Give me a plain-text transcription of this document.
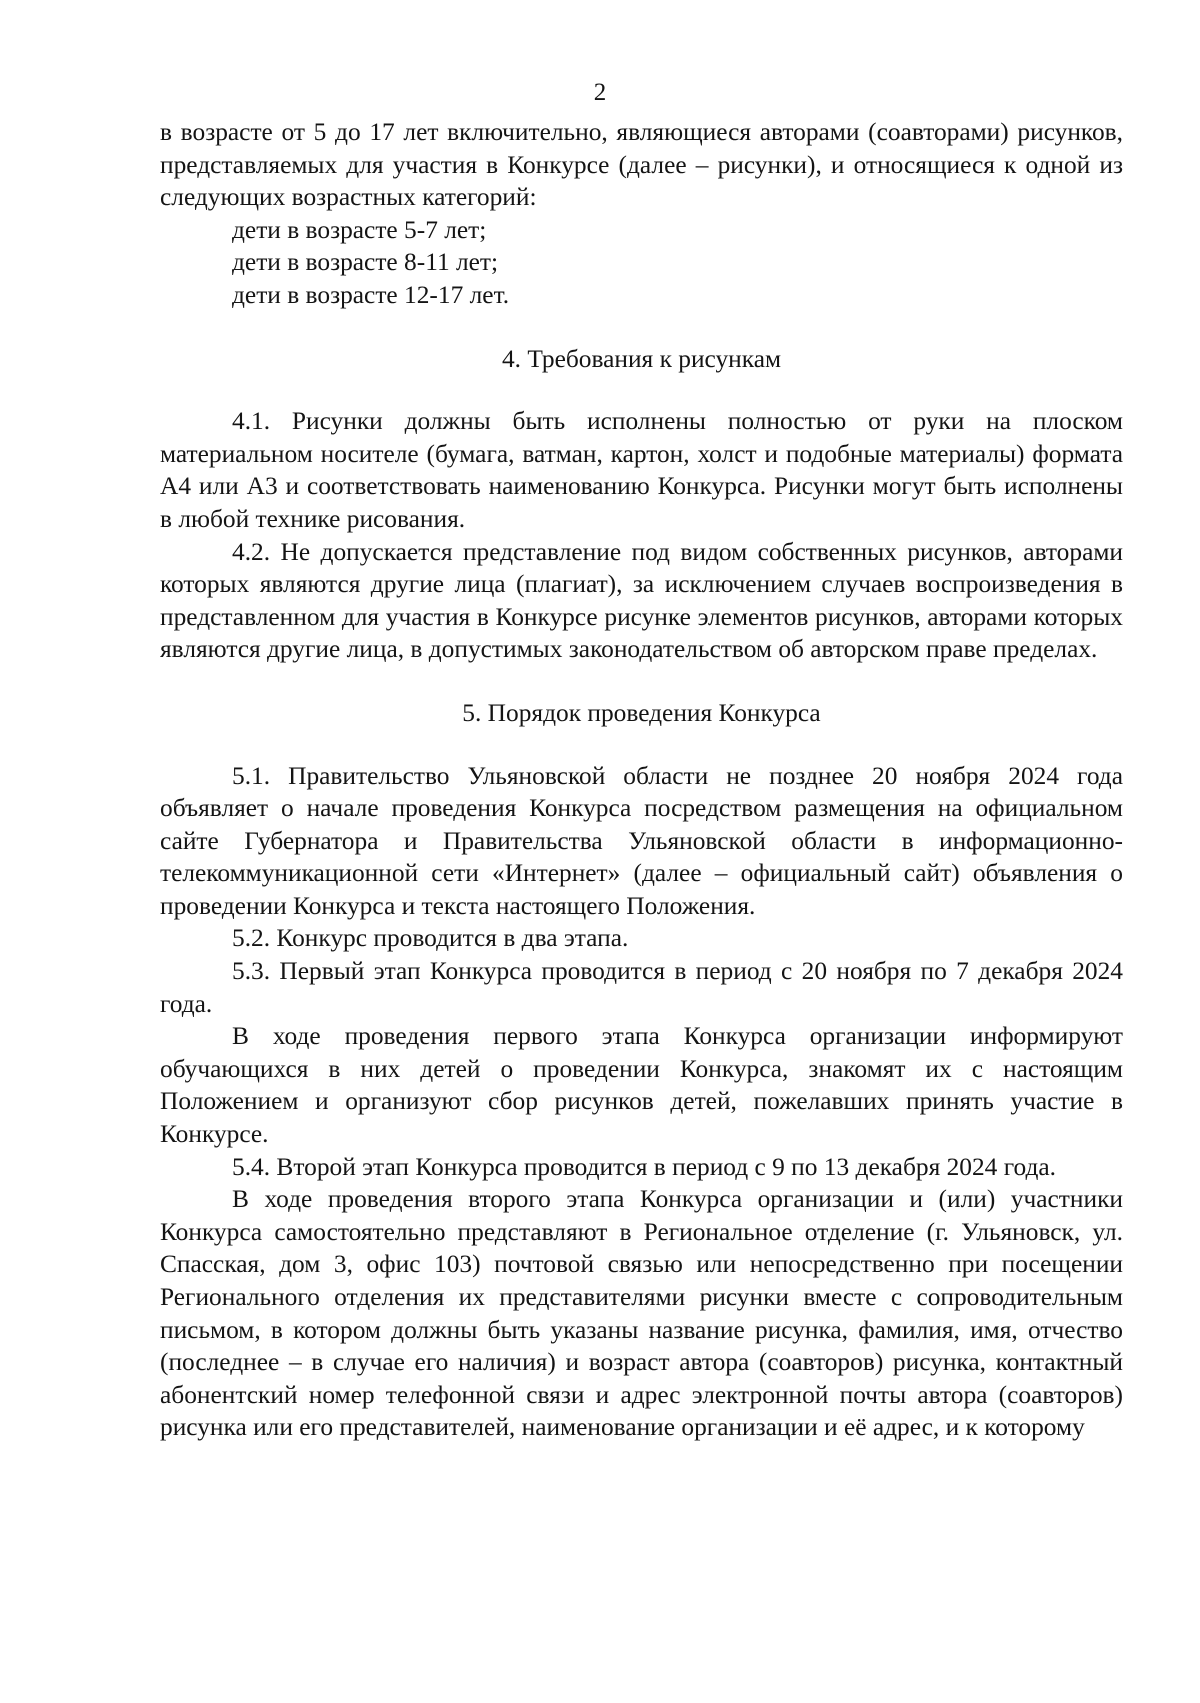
2

в возрасте от 5 до 17 лет включительно, являющиеся авторами (соавторами) рисунков, представляемых для участия в Конкурсе (далее – рисунки), и относящиеся к одной из следующих возрастных категорий:

дети в возрасте 5-7 лет;

дети в возрасте 8-11 лет;

дети в возрасте 12-17 лет.

4. Требования к рисункам

4.1. Рисунки должны быть исполнены полностью от руки на плоском материальном носителе (бумага, ватман, картон, холст и подобные материалы) формата А4 или А3 и соответствовать наименованию Конкурса. Рисунки могут быть исполнены в любой технике рисования.

4.2. Не допускается представление под видом собственных рисунков, авторами которых являются другие лица (плагиат), за исключением случаев воспроизведения в представленном для участия в Конкурсе рисунке элементов рисунков, авторами которых являются другие лица, в допустимых законодательством об авторском праве пределах.

5. Порядок проведения Конкурса

5.1. Правительство Ульяновской области не позднее 20 ноября 2024 года объявляет о начале проведения Конкурса посредством размещения на официальном сайте Губернатора и Правительства Ульяновской области в информационно-телекоммуникационной сети «Интернет» (далее – официальный сайт) объявления о проведении Конкурса и текста настоящего Положения.

5.2. Конкурс проводится в два этапа.

5.3. Первый этап Конкурса проводится в период с 20 ноября по 7 декабря 2024 года.

В ходе проведения первого этапа Конкурса организации информируют обучающихся в них детей о проведении Конкурса, знакомят их с настоящим Положением и организуют сбор рисунков детей, пожелавших принять участие в Конкурсе.

5.4. Второй этап Конкурса проводится в период с 9 по 13 декабря 2024 года.

В ходе проведения второго этапа Конкурса организации и (или) участники Конкурса самостоятельно представляют в Региональное отделение (г. Ульяновск, ул. Спасская, дом 3, офис 103) почтовой связью или непосредственно при посещении Регионального отделения их представителями рисунки вместе с сопроводительным письмом, в котором должны быть указаны название рисунка, фамилия, имя, отчество (последнее – в случае его наличия) и возраст автора (соавторов) рисунка, контактный абонентский номер телефонной связи и адрес электронной почты автора (соавторов) рисунка или его представителей, наименование организации и её адрес, и к которому
